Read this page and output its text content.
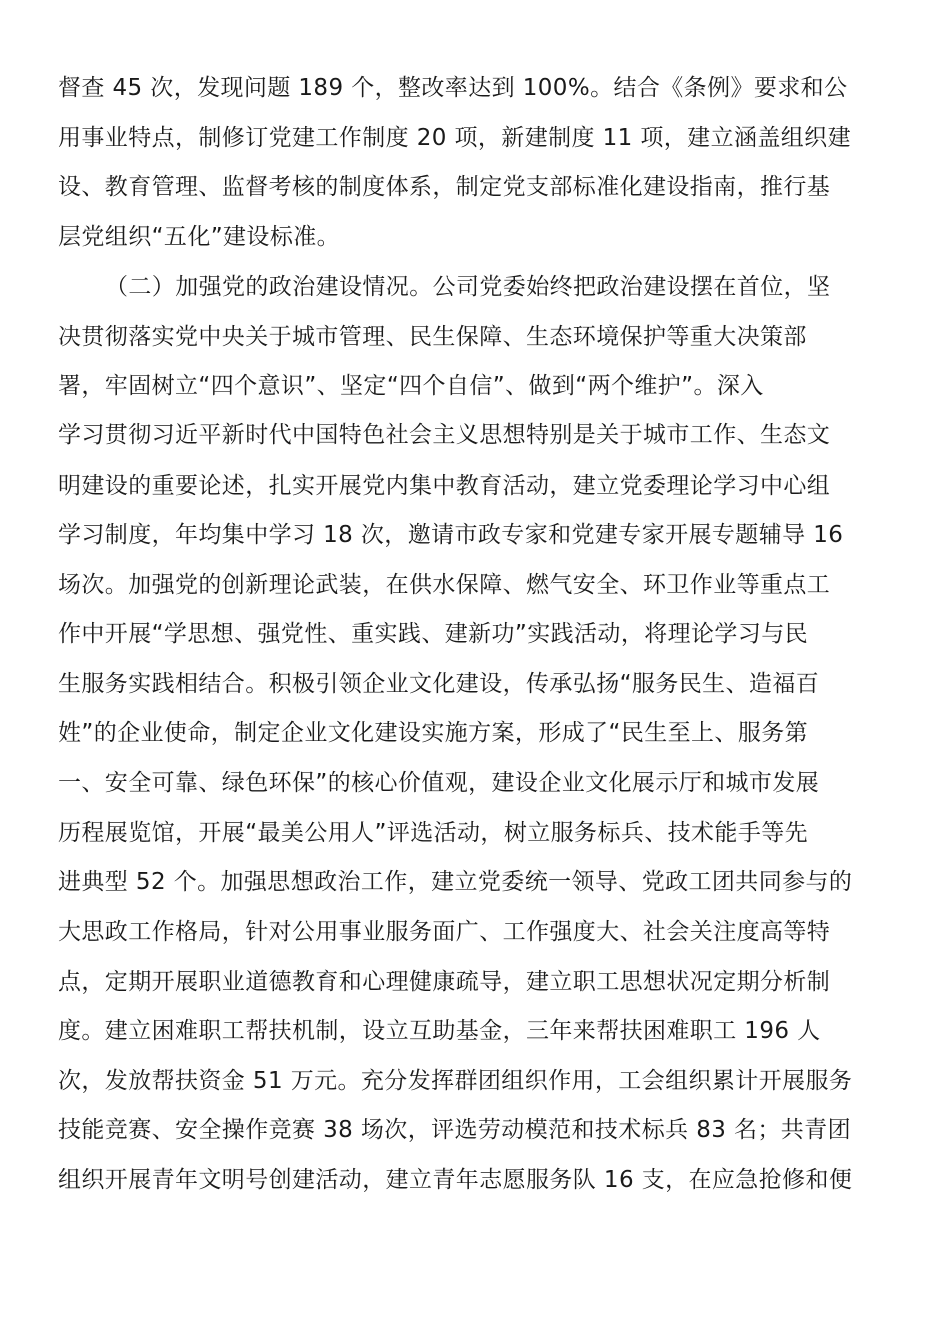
督查 45 次，发现问题 189 个，整改率达到 100%。结合《条例》要求和公
用事业特点，制修订党建工作制度 20 项，新建制度 11 项，建立涵盖组织建
设、教育管理、监督考核的制度体系，制定党支部标准化建设指南，推行基
层党组织“五化”建设标准。
（二）加强党的政治建设情况。公司党委始终把政治建设摆在首位，坚
决贯彻落实党中央关于城市管理、民生保障、生态环境保护等重大决策部
署，牢固树立“四个意识”、坚定“四个自信”、做到“两个维护”。深入
学习贯彻习近平新时代中国特色社会主义思想特别是关于城市工作、生态文
明建设的重要论述，扎实开展党内集中教育活动，建立党委理论学习中心组
学习制度，年均集中学习 18 次，邀请市政专家和党建专家开展专题辅导 16
场次。加强党的创新理论武装，在供水保障、燃气安全、环卫作业等重点工
作中开展“学思想、强党性、重实践、建新功”实践活动，将理论学习与民
生服务实践相结合。积极引领企业文化建设，传承弘扬“服务民生、造福百
姓”的企业使命，制定企业文化建设实施方案，形成了“民生至上、服务第
一、安全可靠、绿色环保”的核心价值观，建设企业文化展示厅和城市发展
历程展览馆，开展“最美公用人”评选活动，树立服务标兵、技术能手等先
进典型 52 个。加强思想政治工作，建立党委统一领导、党政工团共同参与的
大思政工作格局，针对公用事业服务面广、工作强度大、社会关注度高等特
点，定期开展职业道德教育和心理健康疏导，建立职工思想状况定期分析制
度。建立困难职工帮扶机制，设立互助基金，三年来帮扶困难职工 196 人
次，发放帮扶资金 51 万元。充分发挥群团组织作用，工会组织累计开展服务
技能竞赛、安全操作竞赛 38 场次，评选劳动模范和技术标兵 83 名；共青团
组织开展青年文明号创建活动，建立青年志愿服务队 16 支，在应急抢修和便
